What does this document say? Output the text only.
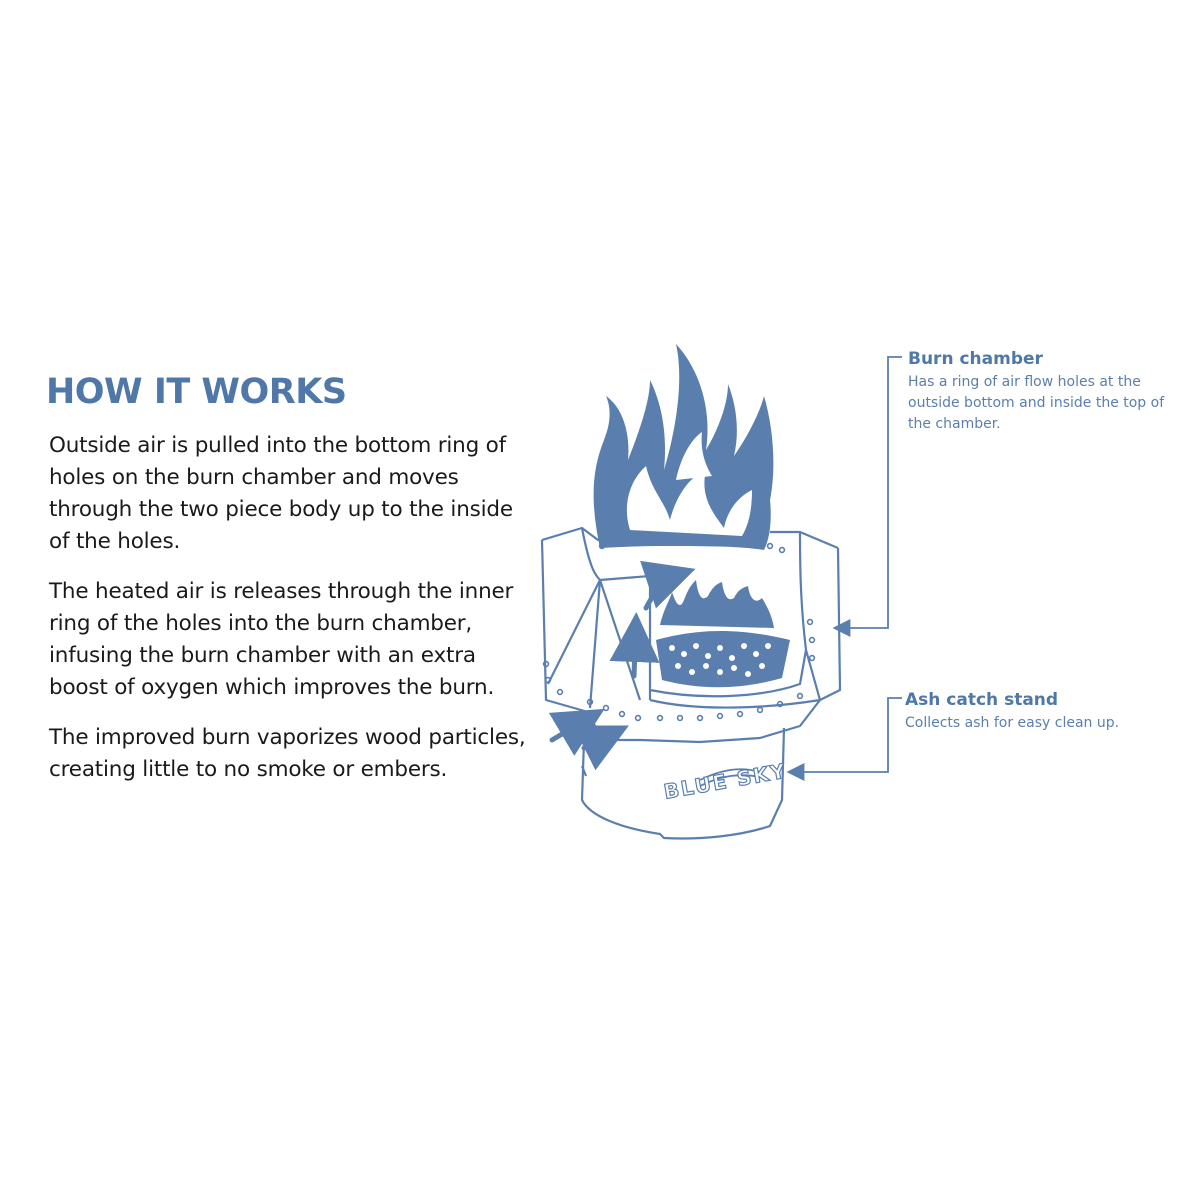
BLUE SKY
HOW IT WORKS

Outside air is pulled into the bottom ring of holes on the burn chamber and moves through the two piece body up to the inside of the holes.

The heated air is releases through the inner ring of the holes into the burn chamber, infusing the burn chamber with an extra boost of oxygen which improves the burn.

The improved burn vaporizes wood particles, creating little to no smoke or embers.

Burn chamber
Has a ring of air flow holes at the outside bottom and inside the top of the chamber.
Ash catch stand
Collects ash for easy clean up.
